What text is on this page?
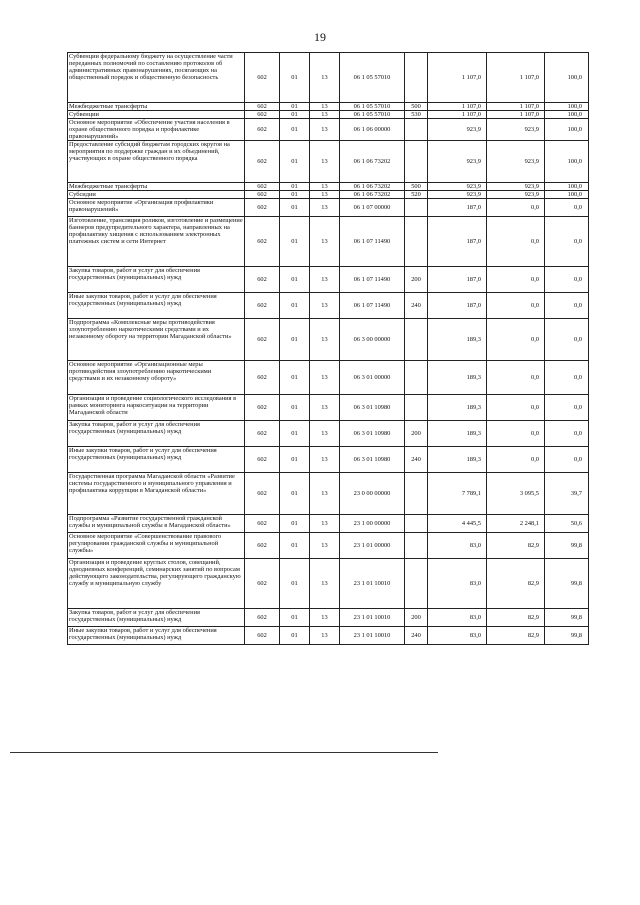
19
Субвенции федеральному бюджету на осуществление части переданных полномочий по составлению протоколов об административных правонарушениях, посягающих на общественный порядок и общественную безопасность	602	01	13	06 1 05 57010		1 107,0	1 107,0	100,0
Межбюджетные трансферты	602	01	13	06 1 05 57010	500	1 107,0	1 107,0	100,0
Субвенции	602	01	13	06 1 05 57010	530	1 107,0	1 107,0	100,0
Основное мероприятие «Обеспечение участия населения в охране общественного порядка и профилактике правонарушений»	602	01	13	06 1 06 00000		923,9	923,9	100,0
Предоставление субсидий бюджетам городских округов на мероприятия по поддержке граждан и их объединений, участвующих в охране общественного порядка	602	01	13	06 1 06 73202		923,9	923,9	100,0
Межбюджетные трансферты	602	01	13	06 1 06 73202	500	923,9	923,9	100,0
Субсидии	602	01	13	06 1 06 73202	520	923,9	923,9	100,0
Основное мероприятие «Организация профилактики правонарушений»	602	01	13	06 1 07 00000		187,0	0,0	0,0
Изготовление, трансляция роликов, изготовление и размещение баннеров предупредительного характера, направленных на профилактику хищения с использованием электронных платежных систем и сети Интернет	602	01	13	06 1 07 11490		187,0	0,0	0,0
Закупка товаров, работ и услуг для обеспечения государственных (муниципальных) нужд	602	01	13	06 1 07 11490	200	187,0	0,0	0,0
Иные закупки товаров, работ и услуг для обеспечения государственных (муниципальных) нужд	602	01	13	06 1 07 11490	240	187,0	0,0	0,0
Подпрограмма «Комплексные меры противодействия злоупотреблению наркотическими средствами и их незаконному обороту на территории Магаданской области»	602	01	13	06 3 00 00000		189,3	0,0	0,0
Основное мероприятие «Организационные меры противодействия злоупотреблению наркотическими средствами и их незаконному обороту»	602	01	13	06 3 01 00000		189,3	0,0	0,0
Организация и проведение социологического исследования в рамках мониторинга наркоситуации на территории Магаданской области	602	01	13	06 3 01 10980		189,3	0,0	0,0
Закупка товаров, работ и услуг для обеспечения государственных (муниципальных) нужд	602	01	13	06 3 01 10980	200	189,3	0,0	0,0
Иные закупки товаров, работ и услуг для обеспечения государственных (муниципальных) нужд	602	01	13	06 3 01 10980	240	189,3	0,0	0,0
Государственная программа Магаданской области «Развитие системы государственного и муниципального управления и профилактика коррупции в Магаданской области»	602	01	13	23 0 00 00000		7 789,1	3 095,5	39,7
Подпрограмма «Развитие государственной гражданской службы и муниципальной службы в Магаданской области»	602	01	13	23 1 00 00000		4 445,5	2 248,1	50,6
Основное мероприятие «Совершенствование правового регулирования гражданской службы и муниципальной службы»	602	01	13	23 1 01 00000		83,0	82,9	99,8
Организация и проведение круглых столов, совещаний, однодневных конференций, семинарских занятий по вопросам действующего законодательства, регулирующего гражданскую службу и муниципальную службу	602	01	13	23 1 01 10010		83,0	82,9	99,8
Закупка товаров, работ и услуг для обеспечения государственных (муниципальных) нужд	602	01	13	23 1 01 10010	200	83,0	82,9	99,8
Иные закупки товаров, работ и услуг для обеспечения государственных (муниципальных) нужд	602	01	13	23 1 01 10010	240	83,0	82,9	99,8
